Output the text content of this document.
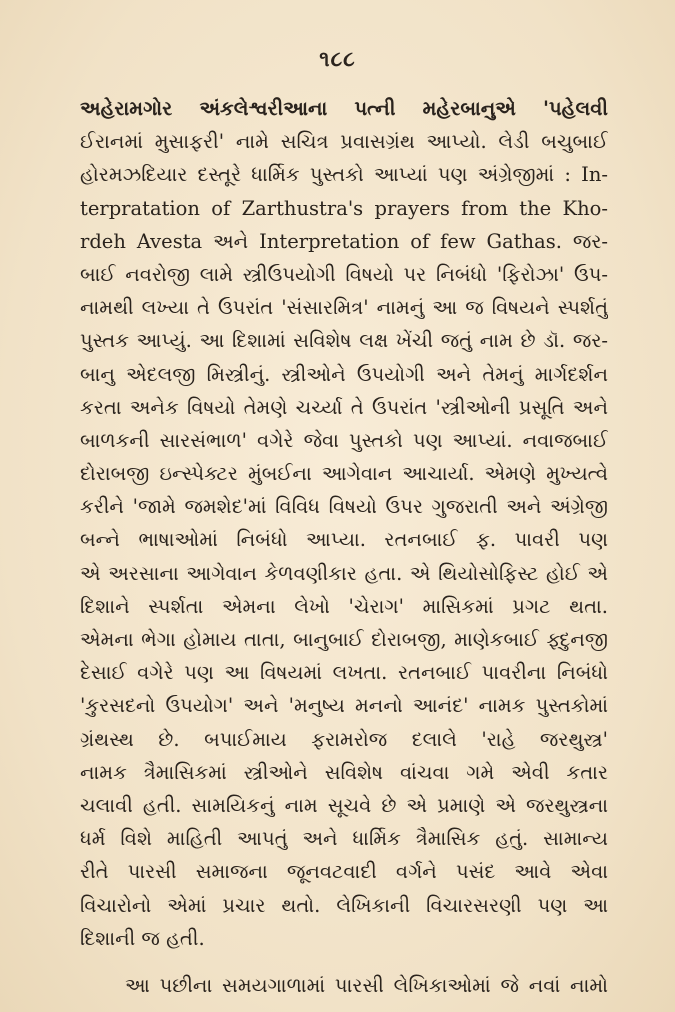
૧૮૮
અહેરામગોર અંકલેશ્વરીઆના પત્ની મહેરબાનુએ 'પહેલવી
ઈરાનમાં મુસાફરી' નામે સચિત્ર પ્રવાસગ્રંથ આપ્યો. લેડી બચુબાઈ
હોરમઝદિયાર દસ્તૂરે ધાર્મિક પુસ્તકો આપ્યાં પણ અંગ્રેજીમાં : In-
terpratation of Zarthustra's prayers from the Kho-
rdeh Avesta અને Interpretation of few Gathas. જર-
બાઈ નવરોજી લામે સ્ત્રીઉપયોગી વિષયો પર નિબંધો 'ફિરોઝા' ઉપ-
નામથી લખ્યા તે ઉપરાંત 'સંસારમિત્ર' નામનું આ જ વિષયને સ્પર્શતું
પુસ્તક આપ્યું. આ દિશામાં સવિશેષ લક્ષ ખેંચી જતું નામ છે ડૉ. જર-
બાનુ એદલજી મિસ્ત્રીનું. સ્ત્રીઓને ઉપયોગી અને તેમનું માર્ગદર્શન
કરતા અનેક વિષયો તેમણે ચર્ચ્યા તે ઉપરાંત 'સ્ત્રીઓની પ્રસૂતિ અને
બાળકની સારસંભાળ' વગેરે જેવા પુસ્તકો પણ આપ્યાં. નવાજબાઈ
દોરાબજી ઇન્સ્પેક્ટર મુંબઈના આગેવાન આચાર્યા. એમણે મુખ્યત્વે
કરીને 'જામે જમશેદ'માં વિવિધ વિષયો ઉપર ગુજરાતી અને અંગ્રેજી
બન્ને ભાષાઓમાં નિબંધો આપ્યા. રતનબાઈ ફ. પાવરી પણ
એ અરસાના આગેવાન કેળવણીકાર હતા. એ થિયોસોફિસ્ટ હોઈ એ
દિશાને સ્પર્શતા એમના લેખો 'ચેરાગ' માસિકમાં પ્રગટ થતા.
એમના ભેગા હોમાય તાતા, બાનુબાઈ દોરાબજી, માણેકબાઈ ફ્દુનજી
દેસાઈ વગેરે પણ આ વિષયમાં લખતા. રતનબાઈ પાવરીના નિબંધો
'કુરસદનો ઉપયોગ' અને 'મનુષ્ય મનનો આનંદ' નામક પુસ્તકોમાં
ગ્રંથસ્થ છે. બપાઈમાય ફરામરોજ દલાલે 'રાહે જરથુસ્ત્ર'
નામક ત્રૈમાસિકમાં સ્ત્રીઓને સવિશેષ વાંચવા ગમે એવી કતાર
ચલાવી હતી. સામયિકનું નામ સૂચવે છે એ પ્રમાણે એ જરથુસ્ત્રના
ધર્મ વિશે માહિતી આપતું અને ધાર્મિક ત્રૈમાસિક હતું. સામાન્ય
રીતે પારસી સમાજના જૂનવટવાદી વર્ગને પસંદ આવે એવા
વિચારોનો એમાં પ્રચાર થતો. લેખિકાની વિચારસરણી પણ આ
દિશાની જ હતી.
આ પછીના સમયગાળામાં પારસી લેખિકાઓમાં જે નવાં નામો
